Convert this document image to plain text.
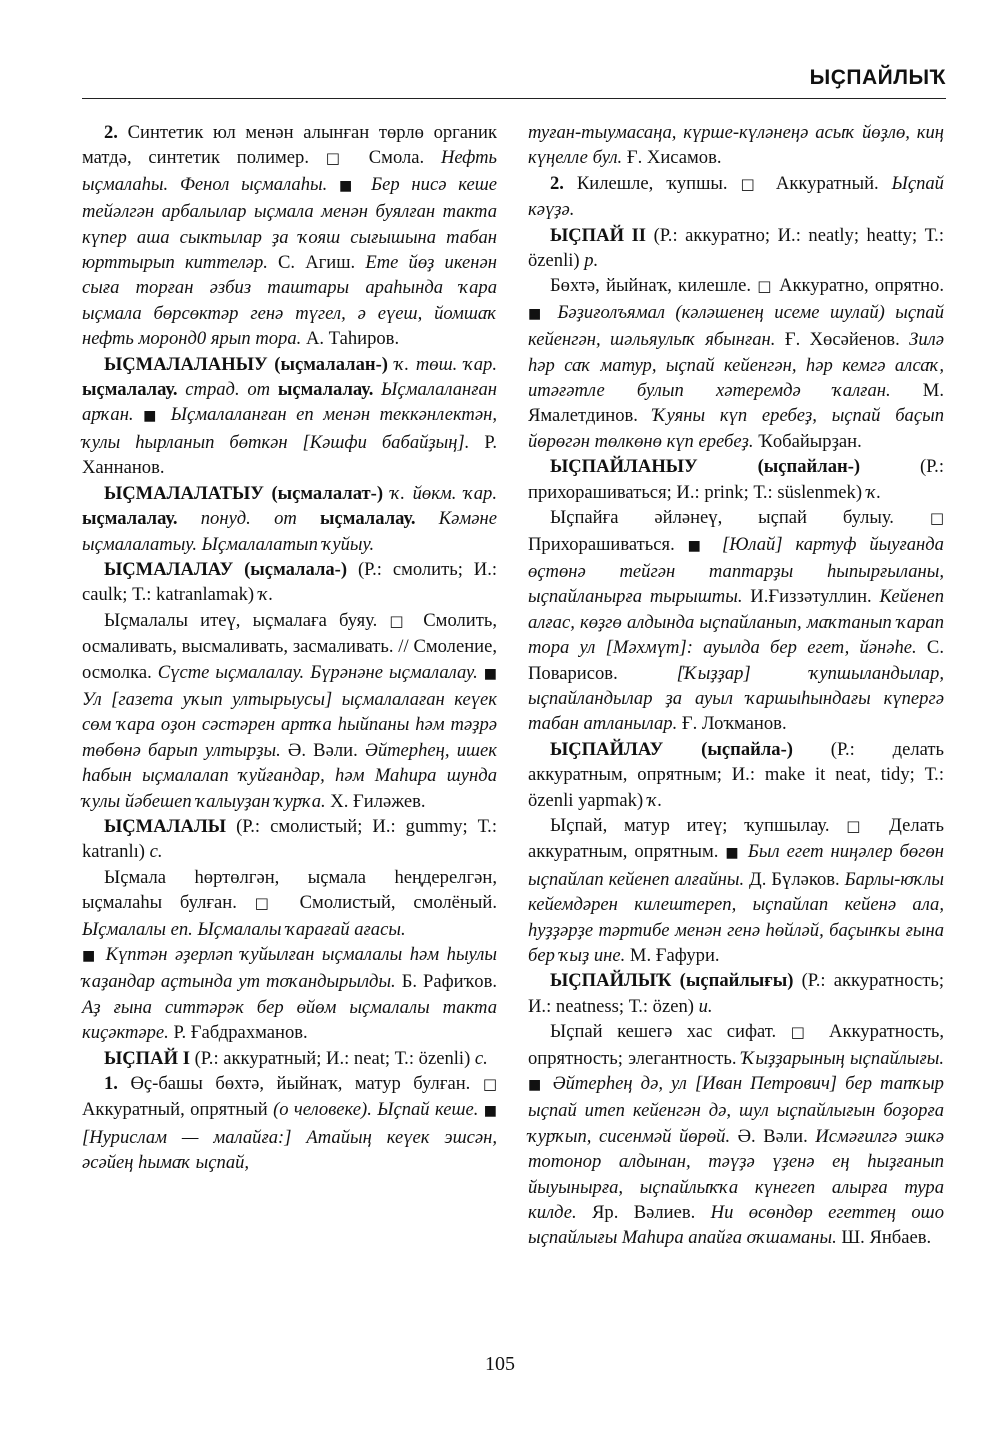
ЫҪПАЙЛЫҠ

2. Синтетик юл менән алынған төрлө органик матдә, синтетик полимер. □ Смола. Нефть ыҫмалаһы. Фенол ыҫмалаһы. ■ Бер нисә кеше тейәлгән арбалылар ыҫмала менән буялған такта күпер аша сыктылар ҙа ҡояш сығышына табан юрттырып киттеләр. С. Агиш. Ете йөҙ икенән сыға торған әзбиз таштары араһында ҡара ыҫмала бөрсөктәр генә түгел, ә еүеш, йомшаҡ нефть моронд0 ярып тора. А. Таһиров.

ЫҪМАЛАЛАНЫУ (ыҫмалалан-) ҡ. төш. ҡар. ыҫмалалау. страд. от ыҫмалалау. Ыҫмалаланған арҡан. ■ Ыҫмалаланған еп менән теккәнлектән, ҡулы һырланып бөткән [Кәшфи бабайҙың]. Р. Ханнанов.

ЫҪМАЛАЛАТЫУ (ыҫмалалат-) ҡ. йөкм. ҡар. ыҫмалалау. понуд. от ыҫмалалау. Кәмәне ыҫмалалатыу. Ыҫмалалатып ҡуйыу.

ЫҪМАЛАЛАУ (ыҫмалала-) (Р.: смолить; И.: caulk; Т.: katranlamak) ҡ.

Ыҫмалалы итеү, ыҫмалаға буяу. □ Смолить, осмаливать, высмаливать, засмаливать. // Смоление, осмолка. Сүсте ыҫмалалау. Бүрәнәне ыҫмалалау. ■ Ул [газета уҡып ултырыусы] ыҫмалалаған кеүек сөм ҡара оҙон сәстәрен артҡа һыйпаны һәм тәҙрә төбөнә барып ултырҙы. Ә. Вәли. Әйтерһең, ишек һабын ыҫмалалап ҡуйғандар, һәм Маһира шунда ҡулы йәбешеп ҡалыуҙан ҡурҡа. Х. Ғиләжев.

ЫҪМАЛАЛЫ (Р.: смолистый; И.: gummy; Т.: katranlı) с.

Ыҫмала һөртөлгән, ыҫмала һеңдерелгән, ыҫмалаһы булған. □ Смолистый, смолёный. Ыҫмалалы еп. Ыҫмалалы ҡарағай ағасы.
■ Күптән әҙерләп ҡуйылған ыҫмалалы һәм һыулы ҡаҙандар аҫтында ут тоҡандырылды. Б. Рафиҡов. Аҙ ғына ситтәрәк бер өйөм ыҫмалалы такта киҫәктәре. Р. Ғабдрахманов.

ЫҪПАЙ I (Р.: аккуратный; И.: neat; Т.: özenli) с.

1. Өҫ-башы бөхтә, йыйнаҡ, матур булған. □ Аккуратный, опрятный (о человеке). Ыҫпай кеше. ■ [Нурислам — малайға:] Атайың кеүек эшсән, әсәйең һымаҡ ыҫпай,

туған-тыумасаңа, күрше-күләнеңә асыҡ йөҙлө, киң күңелле бул. Ғ. Хисамов.

2. Килешле, ҡупшы. □ Аккуратный. Ыҫпай кәүҙә.

ЫҪПАЙ II (Р.: аккуратно; И.: neatly; heatty; Т.: özenli) р.

Бөхтә, йыйнаҡ, килешле. □ Аккуратно, опрятно. ■ Бәҙиғолъямал (кәләшенең исеме шулай) ыҫпай кейенгән, шәльяулыҡ ябынған. Ғ. Хөсәйенов. Зилә һәр саҡ матур, ыҫпай кейенгән, һәр кемгә алсаҡ, итәғәтле булып хәтеремдә ҡалған. М. Ямалетдинов. Ҡуяны күп еребеҙ, ыҫпай баҫып йөрөгән төлкөнө күп еребеҙ. Ҡобайырҙан.

ЫҪПАЙЛАНЫУ (ыҫпайлан-) (Р.: прихорашиваться; И.: prink; Т.: süslenmek) ҡ.

Ыҫпайға әйләнеү, ыҫпай булыу. □ Прихорашиваться. ■ [Юлай] картуф йыуғанда өҫтөнә тейгән таптарҙы һыпырғыланы, ыҫпайланырға тырышты. И.Ғиззәтуллин. Кейенеп алғас, көҙгө алдында ыҫпайланып, маҡтанып ҡарап тора ул [Мәхмүт]: ауылда бер егет, йәнәһе. С. Поварисов. [Ҡыҙҙар] ҡупшыландылар, ыҫпайландылар ҙа ауыл ҡаршыһындағы күпергә табан атланылар. Ғ. Лоҡманов.

ЫҪПАЙЛАУ (ыҫпайла-) (Р.: делать аккуратным, опрятным; И.: make it neat, tidy; Т.: özenli yapmak) ҡ.

Ыҫпай, матур итеү; ҡупшылау. □ Делать аккуратным, опрятным. ■ Был егет ниңәлер бөгөн ыҫпайлап кейенеп алғайны. Д. Бүләков. Барлы-юҡлы кейемдәрен килештереп, ыҫпайлап кейенә ала, һуҙҙәрҙе тәртибе менән генә һөйләй, баҫынҡы ғына бер ҡыҙ ине. М. Ғафури.

ЫҪПАЙЛЫҠ (ыҫпайлығы) (Р.: аккуратность; И.: neatness; Т.: özen) и.

Ыҫпай кешегә хас сифат. □ Аккуратность, опрятность; элегантность. Ҡыҙҙарының ыҫпайлығы. ■ Әйтерһең дә, ул [Иван Петрович] бер тапҡыр ыҫпай итеп кейенгән дә, шул ыҫпайлығын боҙорға ҡурҡып, сисенмәй йөрөй. Ә. Вәли. Исмәғилгә эшкә тотонор алдынан, тәүҙә үҙенә ең һыҙғанып йыуынырға, ыҫпайлыҡҡа күнегеп алырға тура килде. Яр. Вәлиев. Ни өсөндөр егеттең ошо ыҫпайлығы Маһира апайға оҡшаманы. Ш. Янбаев.

105
